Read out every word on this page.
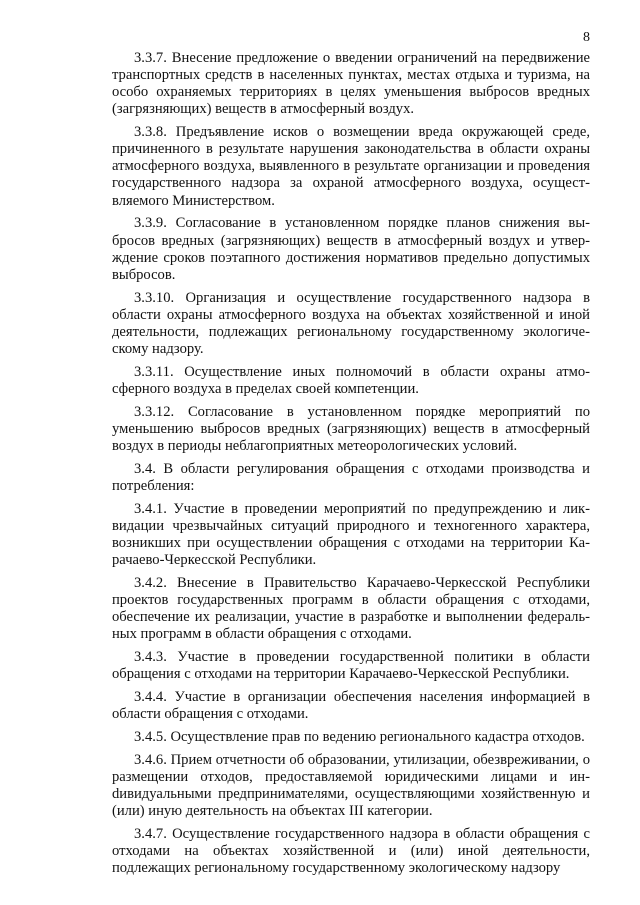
8

3.3.7. Внесение предложение о введении ограничений на передвижение транспортных средств в населенных пунктах, местах отдыха и туризма, на особо охраняемых территориях в целях уменьшения выбросов вредных (загрязняющих) веществ в атмосферный воздух.

3.3.8. Предъявление исков о возмещении вреда окружающей среде, причиненного в результате нарушения законодательства в области охраны атмосферного воздуха, выявленного в результате организации и проведения государственного надзора за охраной атмосферного воздуха, осуществляемого Министерством.

3.3.9. Согласование в установленном порядке планов снижения выбросов вредных (загрязняющих) веществ в атмосферный воздух и утверждение сроков поэтапного достижения нормативов предельно допустимых выбросов.

3.3.10. Организация и осуществление государственного надзора в области охраны атмосферного воздуха на объектах хозяйственной и иной деятельности, подлежащих региональному государственному экологическому надзору.

3.3.11. Осуществление иных полномочий в области охраны атмосферного воздуха в пределах своей компетенции.

3.3.12. Согласование в установленном порядке мероприятий по уменьшению выбросов вредных (загрязняющих) веществ в атмосферный воздух в периоды неблагоприятных метеорологических условий.

3.4. В области регулирования обращения с отходами производства и потребления:

3.4.1. Участие в проведении мероприятий по предупреждению и ликвидации чрезвычайных ситуаций природного и техногенного характера, возникших при осуществлении обращения с отходами на территории Карачаево-Черкесской Республики.

3.4.2. Внесение в Правительство Карачаево-Черкесской Республики проектов государственных программ в области обращения с отходами, обеспечение их реализации, участие в разработке и выполнении федеральных программ в области обращения с отходами.

3.4.3. Участие в проведении государственной политики в области обращения с отходами на территории Карачаево-Черкесской Республики.

3.4.4. Участие в организации обеспечения населения информацией в области обращения с отходами.

3.4.5. Осуществление прав по ведению регионального кадастра отходов.

3.4.6. Прием отчетности об образовании, утилизации, обезвреживании, о размещении отходов, предоставляемой юридическими лицами и инdивидуальными предпринимателями, осуществляющими хозяйственную и (или) иную деятельность на объектах III категории.

3.4.7. Осуществление государственного надзора в области обращения с отходами на объектах хозяйственной и (или) иной деятельности, подлежащих региональному государственному экологическому надзору
